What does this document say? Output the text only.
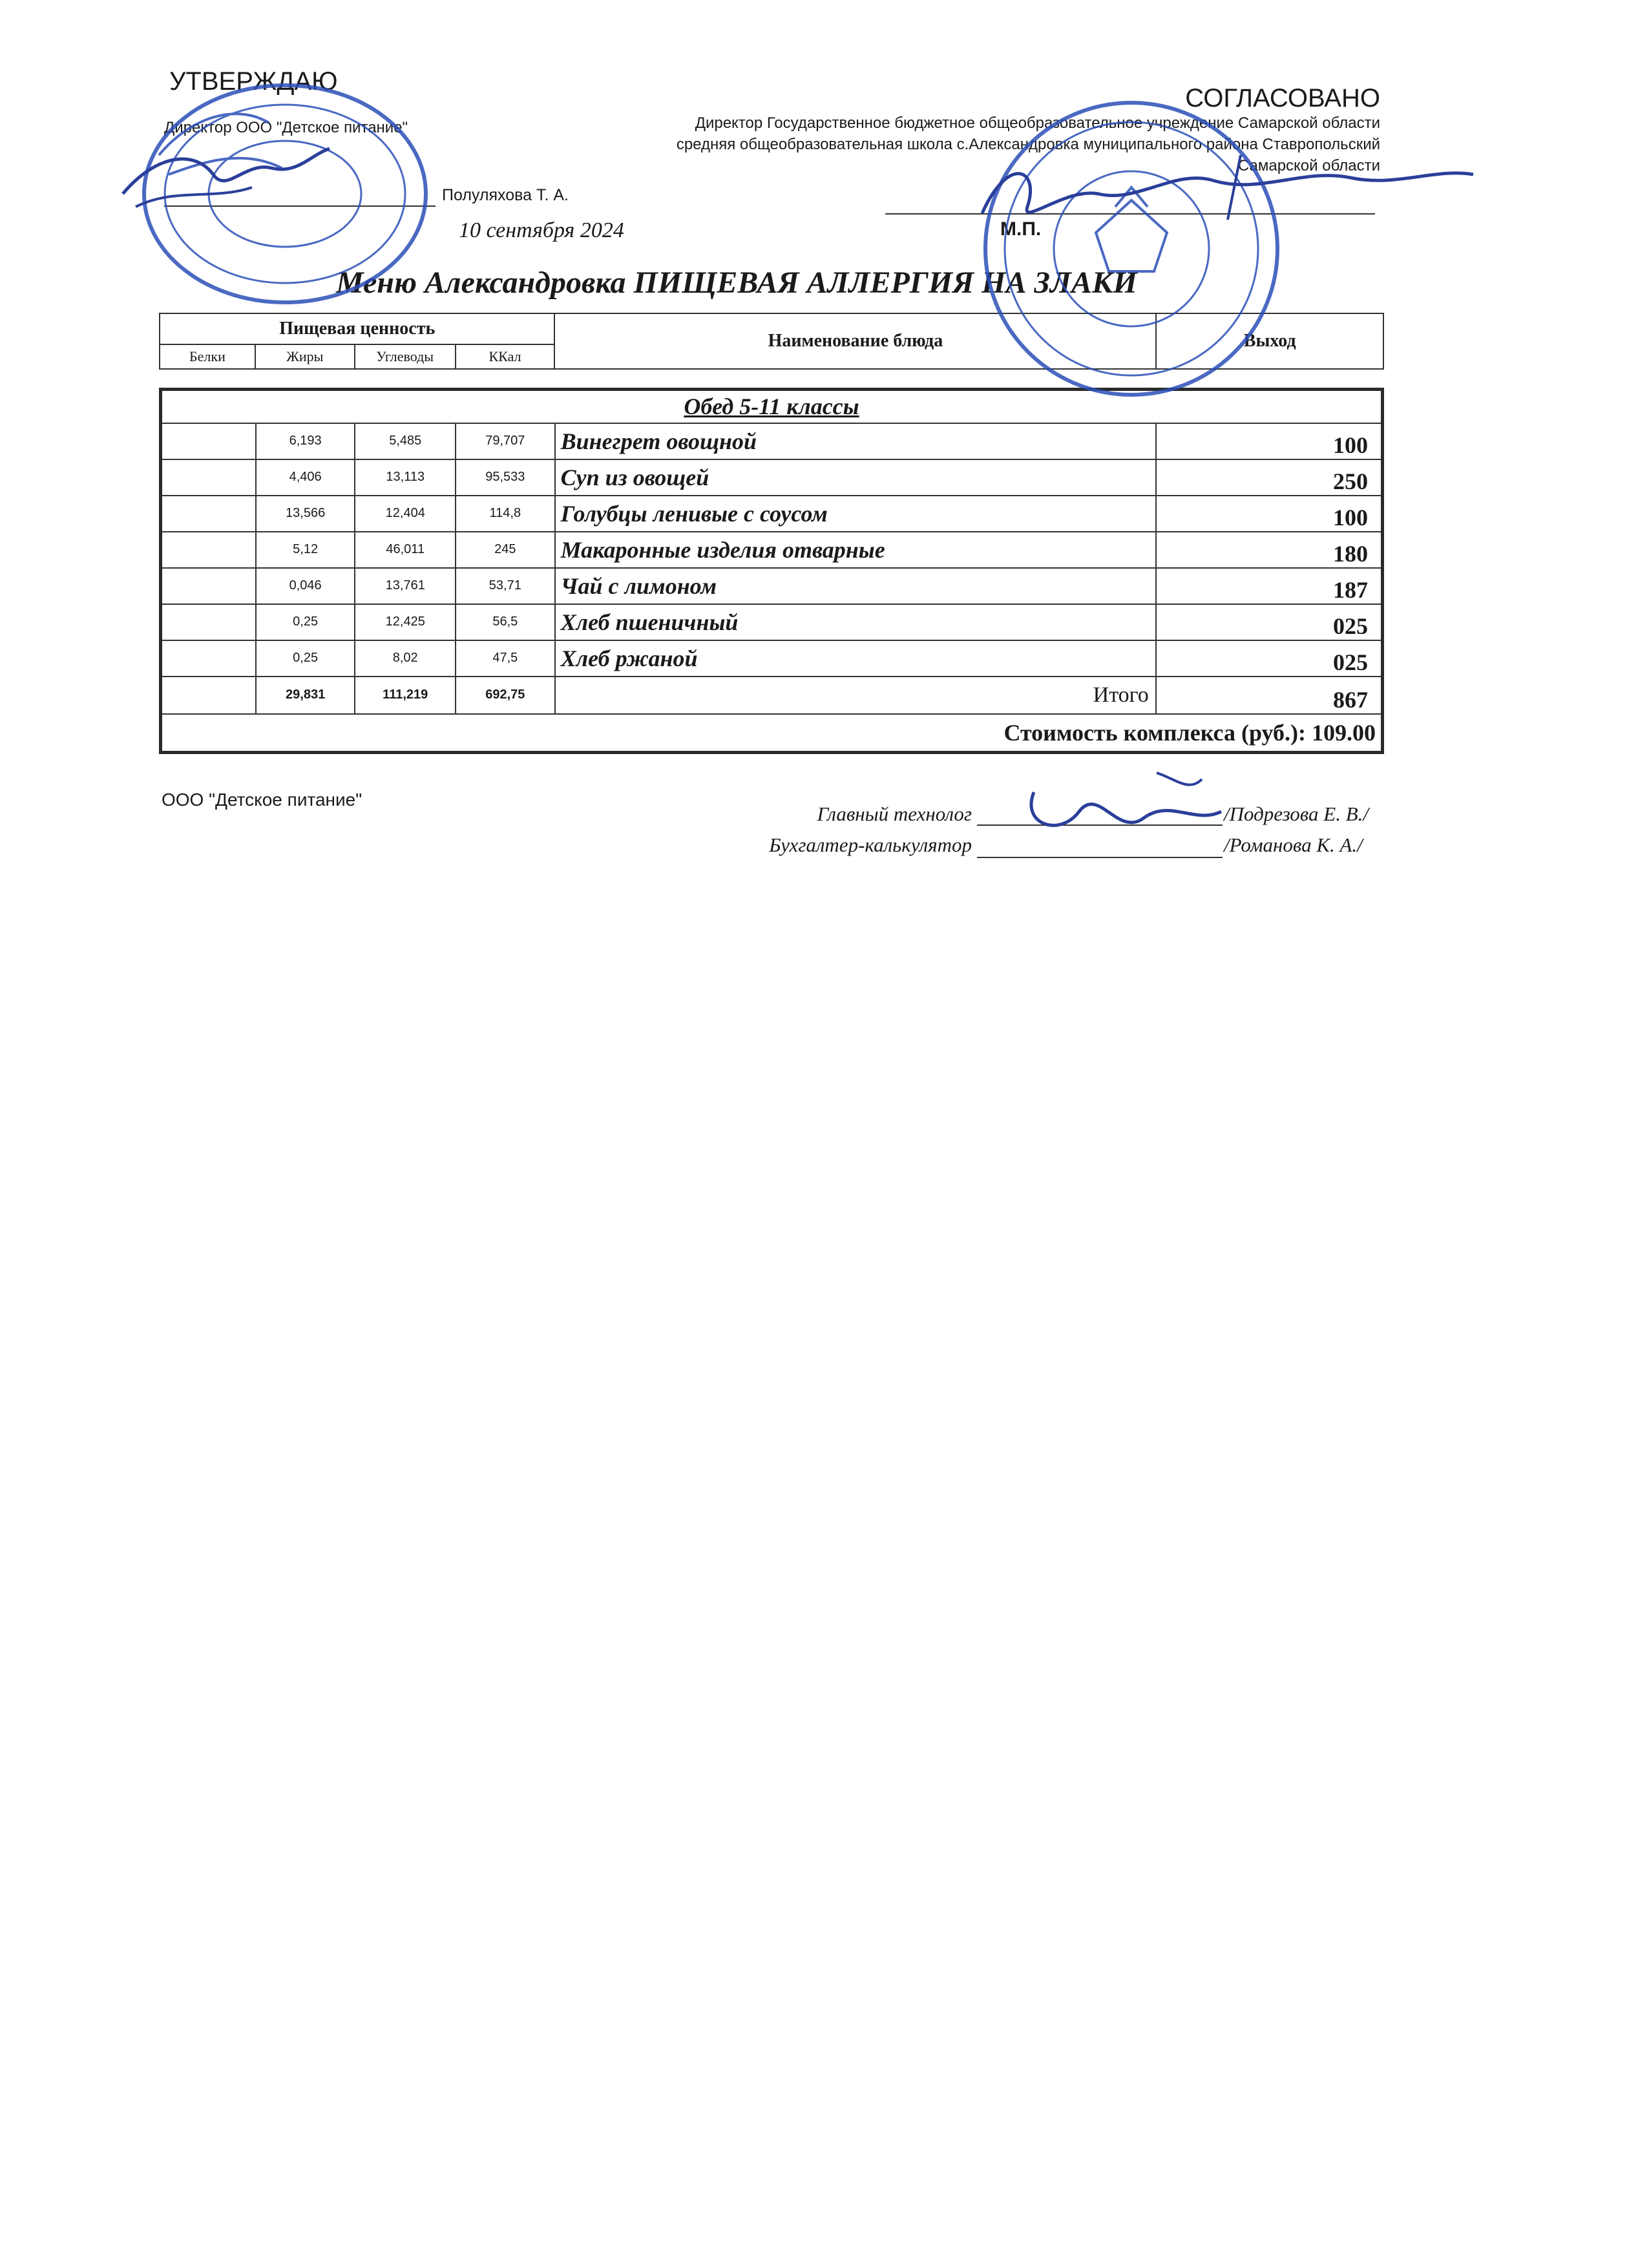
УТВЕРЖДАЮ
Директор ООО "Детское питание"
Полуляхова Т. А.
10 сентября 2024
СОГЛАСОВАНО
Директор Государственное бюджетное общеобразовательное учреждение Самарской области средняя общеобразовательная школа с.Александровка муниципального района Ставропольский Самарской области
М.П.
Меню Александровка ПИЩЕВАЯ АЛЛЕРГИЯ НА ЗЛАКИ
Пищевая ценность				Наименование блюда	Выход
Белки	Жиры	Углеводы	ККал		
Обед 5-11 классы					
	6,193	5,485	79,707	Винегрет овощной	100
	4,406	13,113	95,533	Суп из овощей	250
	13,566	12,404	114,8	Голубцы ленивые с соусом	100
	5,12	46,011	245	Макаронные изделия отварные	180
	0,046	13,761	53,71	Чай с лимоном	187
	0,25	12,425	56,5	Хлеб пшеничный	025
	0,25	8,02	47,5	Хлеб ржаной	025
	29,831	111,219	692,75	Итого	867
Стоимость комплекса (руб.): 109.00					
ООО "Детское питание"
Главный технолог	/Подрезова Е. В./
Бухгалтер-калькулятор	/Романова К. А./
